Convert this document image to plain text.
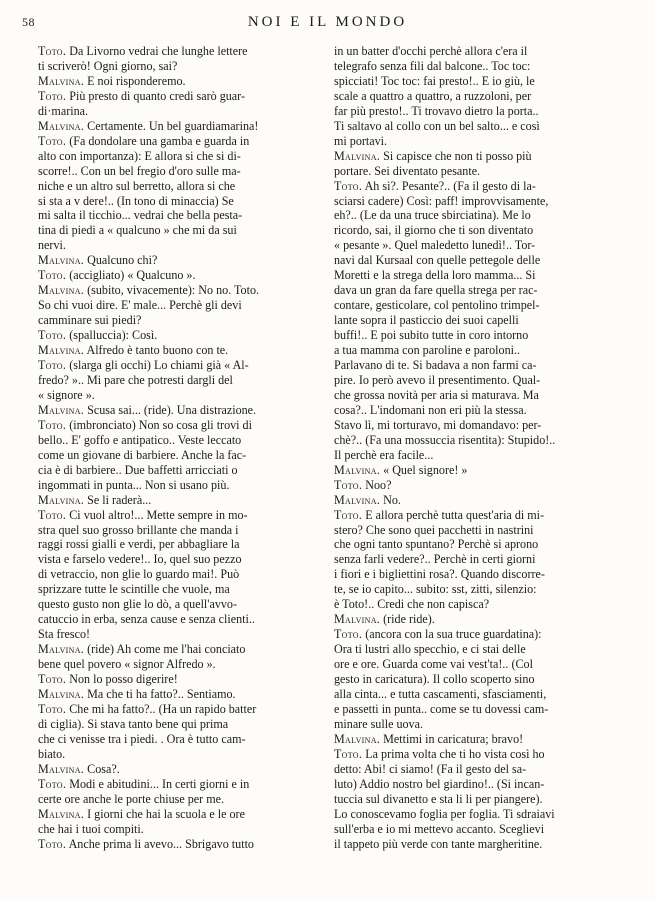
58	NOI E IL MONDO

Toto. Da Livorno vedrai che lunghe lettere
ti scriverò! Ogni giorno, sai?

Malvina. E noi risponderemo.

Toto. Più presto di quanto credi sarò guar-
di·marina.

Malvina. Certamente. Un bel guardiamarina!

Toto. (Fa dondolare una gamba e guarda in
alto con importanza): E allora si che si di-
scorre!.. Con un bel fregio d'oro sulle ma-
niche e un altro sul berretto, allora si che
si sta a v dere!.. (In tono di minaccia) Se
mi salta il ticchio... vedrai che bella pesta-
tina di piedi a « qualcuno » che mi da sui
nervi.

Malvina. Qualcuno chi?

Toto. (accigliato) « Qualcuno ».

Malvina. (subito, vivacemente): No no. Toto.
So chi vuoi dire. E' male... Perchè gli devi
camminare sui piedi?

Toto. (spalluccia): Così.

Malvina. Alfredo è tanto buono con te.

Toto. (slarga gli occhi) Lo chiami già « Al-
fredo? ».. Mi pare che potresti dargli del
« signore ».

Malvina. Scusa sai... (ride). Una distrazione.

Toto. (imbronciato) Non so cosa gli trovi di
bello.. E' goffo e antipatico.. Veste leccato
come un giovane di barbiere. Anche la fac-
cia è di barbiere.. Due baffetti arricciati o
ingommati in punta... Non si usano più.

Malvina. Se li raderà...

Toto. Ci vuol altro!... Mette sempre in mo-
stra quel suo grosso brillante che manda i
raggi rossi gialli e verdi, per abbagliare la
vista e farselo vedere!.. Io, quel suo pezzo
di vetraccio, non glie lo guardo mai!. Può
sprizzare tutte le scintille che vuole, ma
questo gusto non glie lo dò, a quell'avvo-
catuccio in erba, senza cause e senza clienti..
Sta fresco!

Malvina. (ride) Ah come me l'hai conciato
bene quel povero « signor Alfredo ».

Toto. Non lo posso digerire!

Malvina. Ma che ti ha fatto?.. Sentiamo.

Toto. Che mi ha fatto?.. (Ha un rapido batter
di ciglia). Si stava tanto bene qui prima
che ci venisse tra i piedi. . Ora è tutto cam-
biato.

Malvina. Cosa?.

Toto. Modi e abitudini... In certi giorni e in
certe ore anche le porte chiuse per me.

Malvina. I giorni che hai la scuola e le ore
che hai i tuoi compiti.

Toto. Anche prima li avevo... Sbrigavo tutto

in un batter d'occhi perchè allora c'era il
telegrafo senza fili dal balcone.. Toc toc:
spicciati! Toc toc: fai presto!.. E io giù, le
scale a quattro a quattro, a ruzzoloni, per
far più presto!.. Ti trovavo dietro la porta..
Ti saltavo al collo con un bel salto... e così
mi portavi.

Malvina. Si capisce che non ti posso più
portare. Sei diventato pesante.

Toto. Ah si?. Pesante?.. (Fa il gesto di la-
sciarsi cadere) Così: paff! improvvisamente,
eh?.. (Le da una truce sbirciatina). Me lo
ricordo, sai, il giorno che ti son diventato
« pesante ». Quel maledetto lunedì!.. Tor-
navi dal Kursaal con quelle pettegole delle
Moretti e la strega della loro mamma... Si
dava un gran da fare quella strega per rac-
contare, gesticolare, col pentolino trimpel-
lante sopra il pasticcio dei suoi capelli
buffi!.. E poi subito tutte in coro intorno
a tua mamma con paroline e paroloni..
Parlavano di te. Si badava a non farmi ca-
pire. Io però avevo il presentimento. Qual-
che grossa novità per aria si maturava. Ma
cosa?.. L'indomani non eri più la stessa.
Stavo lì, mi torturavo, mi domandavo: per-
chè?.. (Fa una mossuccia risentita): Stupido!..
Il perchè era facile...

Malvina. « Quel signore! »

Toto. Noo?

Malvina. No.

Toto. E allora perchè tutta quest'aria di mi-
stero? Che sono quei pacchetti in nastrini
che ogni tanto spuntano? Perchè si aprono
senza farli vedere?.. Perchè in certi giorni
i fiori e i bigliettini rosa?. Quando discorre-
te, se io capito... subito: sst, zitti, silenzio:
è Toto!.. Credi che non capisca?

Malvina. (ride ride).

Toto. (ancora con la sua truce guardatina):
Ora ti lustri allo specchio, e ci stai delle
ore e ore. Guarda come vai vest'ta!.. (Col
gesto in caricatura). Il collo scoperto sino
alla cinta... e tutta cascamenti, sfasciamenti,
e passetti in punta.. come se tu dovessi cam-
minare sulle uova.

Malvina. Mettimi in caricatura; bravo!

Toto. La prima volta che ti ho vista così ho
detto: Abi! ci siamo! (Fa il gesto del sa-
luto) Addio nostro bel giardino!.. (Si incan-
tuccia sul divanetto e sta li li per piangere).
Lo conoscevamo foglia per foglia. Ti sdraiavi
sull'erba e io mi mettevo accanto. Sceglievi
il tappeto più verde con tante margheritine.
